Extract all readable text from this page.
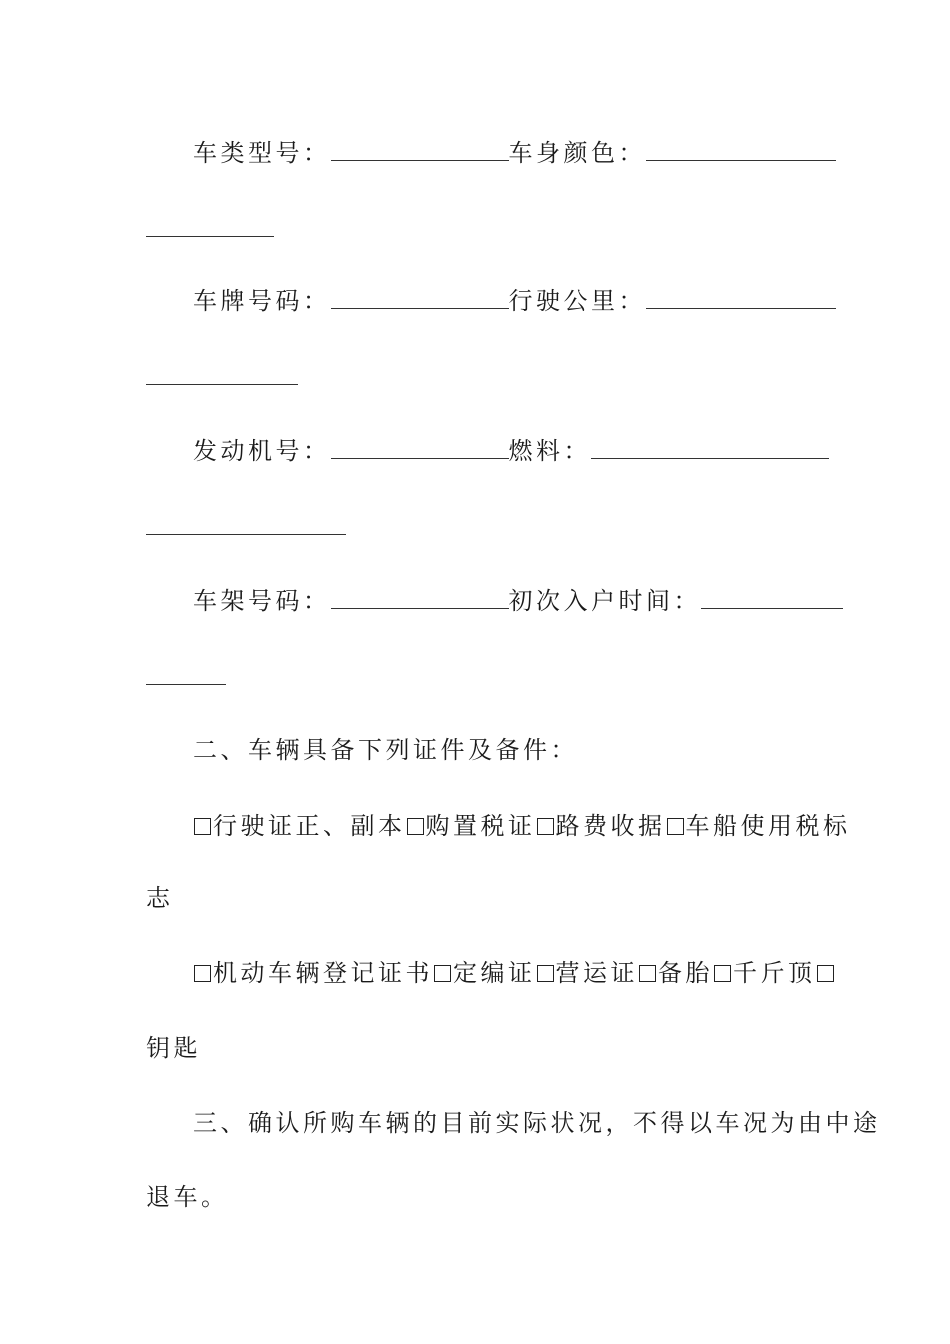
车类型号：	车身颜色：
车牌号码：	行驶公里：
发动机号：	燃料：
车架号码：	初次入户时间：
二、车辆具备下列证件及备件：
行驶证正、副本 购置税证 路费收据 车船使用税标
志
机动车辆登记证书 定编证 营运证 备胎 千斤顶
钥匙
三、确认所购车辆的目前实际状况，不得以车况为由中途
退车。
